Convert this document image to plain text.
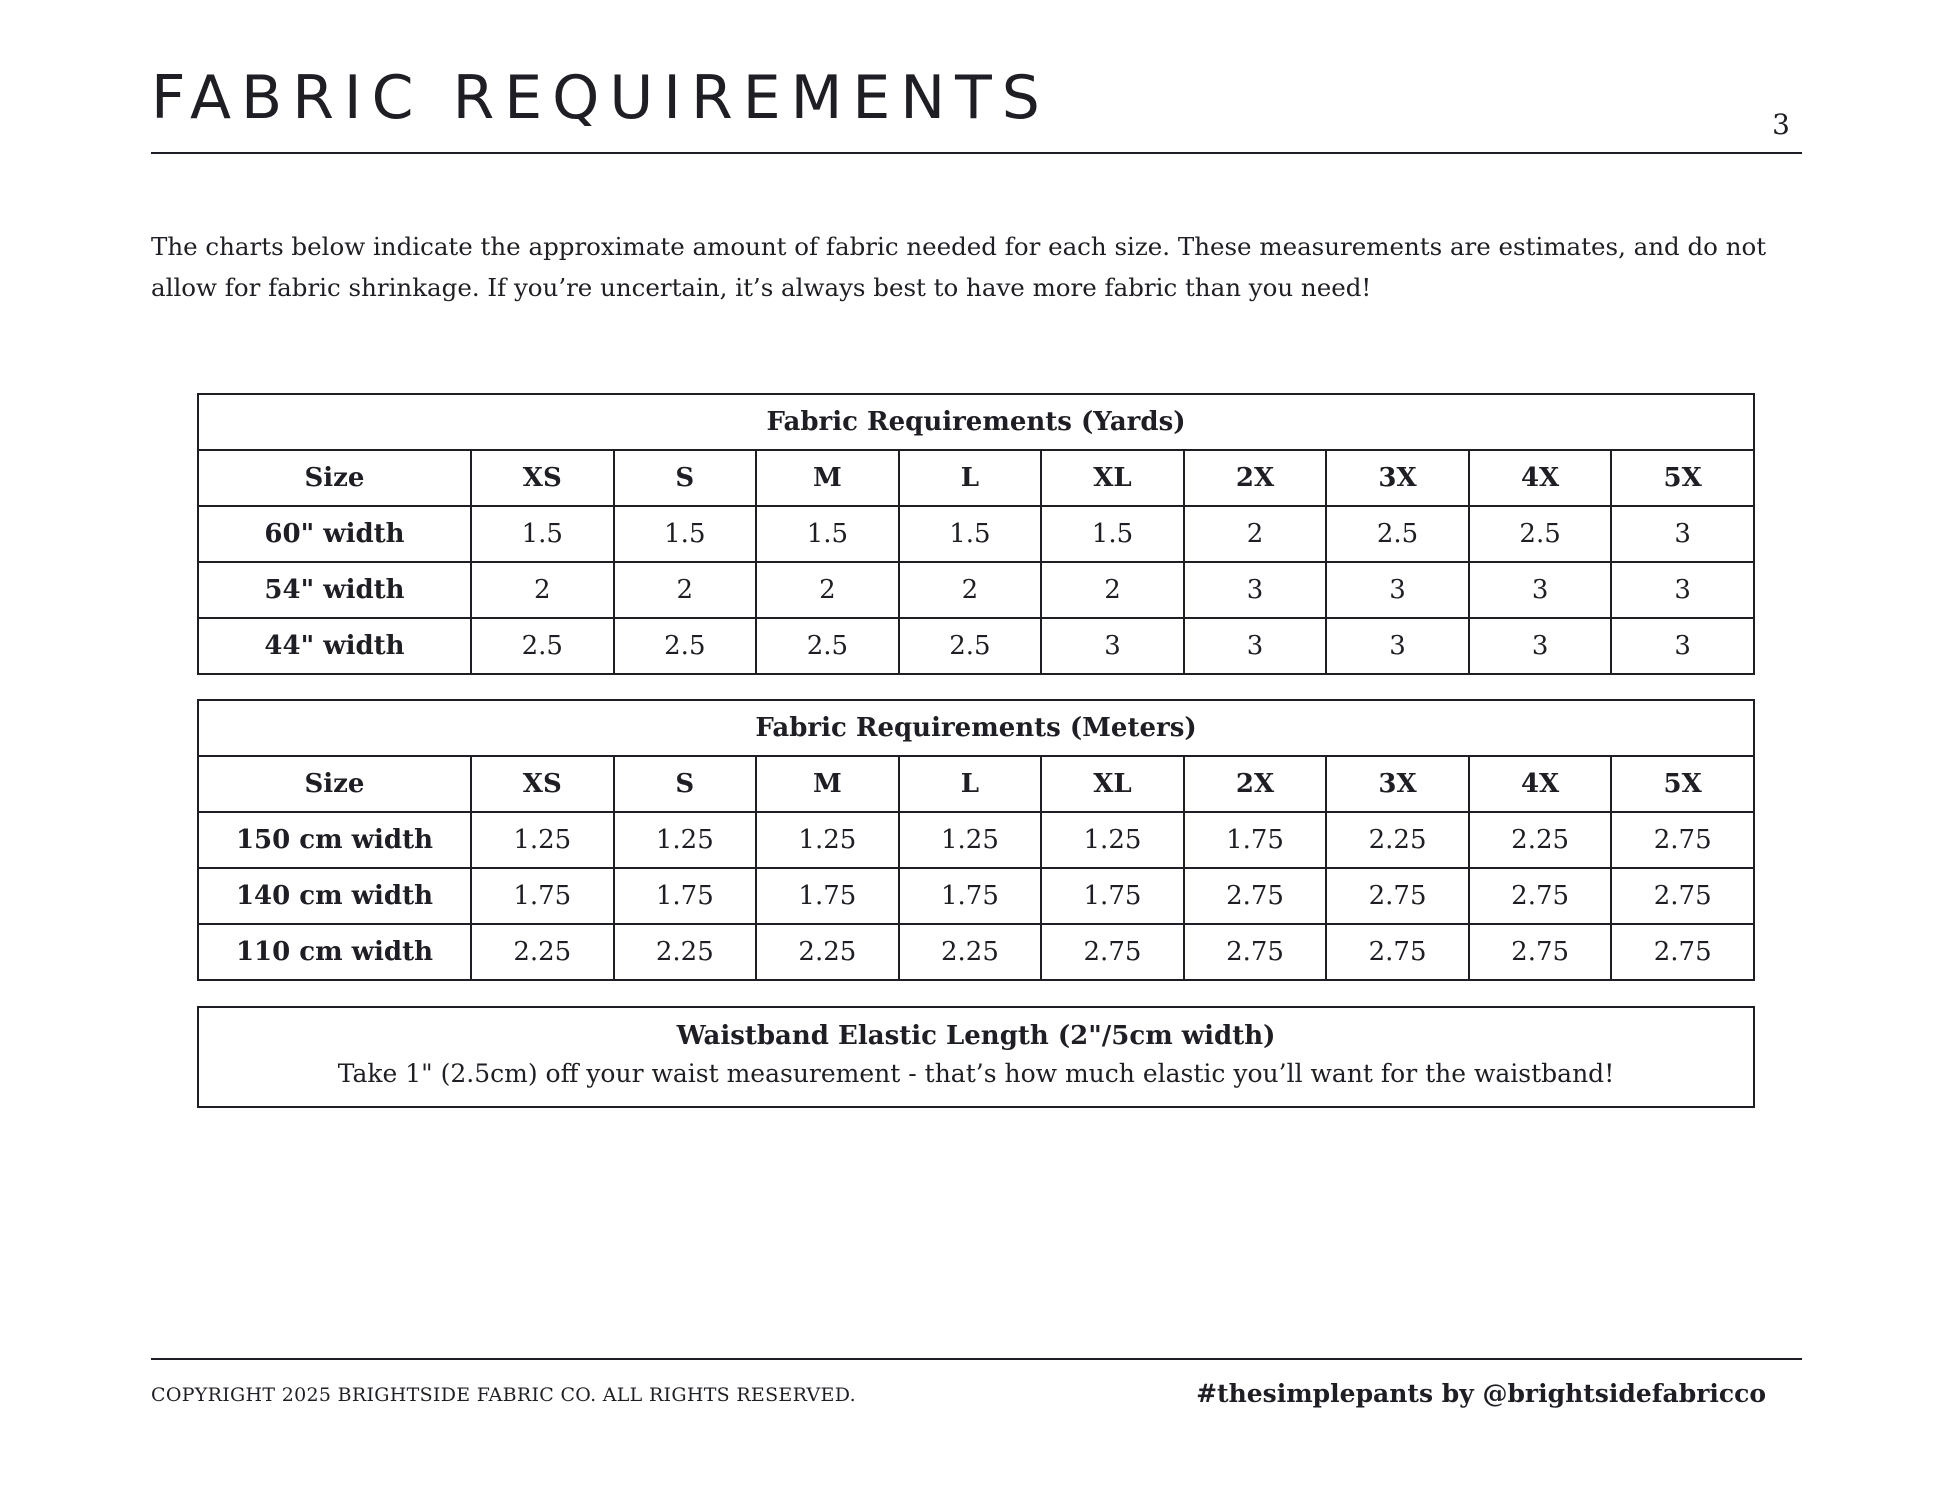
FABRIC REQUIREMENTS	3

The charts below indicate the approximate amount of fabric needed for each size. These measurements are estimates, and do not allow for fabric shrinkage. If you’re uncertain, it’s always best to have more fabric than you need!

Fabric Requirements (Yards)									
Size	XS	S	M	L	XL	2X	3X	4X	5X
60" width	1.5	1.5	1.5	1.5	1.5	2	2.5	2.5	3
54" width	2	2	2	2	2	3	3	3	3
44" width	2.5	2.5	2.5	2.5	3	3	3	3	3
Fabric Requirements (Meters)									
Size	XS	S	M	L	XL	2X	3X	4X	5X
150 cm width	1.25	1.25	1.25	1.25	1.25	1.75	2.25	2.25	2.75
140 cm width	1.75	1.75	1.75	1.75	1.75	2.75	2.75	2.75	2.75
110 cm width	2.25	2.25	2.25	2.25	2.75	2.75	2.75	2.75	2.75
Waistband Elastic Length (2"/5cm width)
Take 1" (2.5cm) off your waist measurement - that’s how much elastic you’ll want for the waistband!
COPYRIGHT 2025 BRIGHTSIDE FABRIC CO. ALL RIGHTS RESERVED.	#thesimplepants by @brightsidefabricco
